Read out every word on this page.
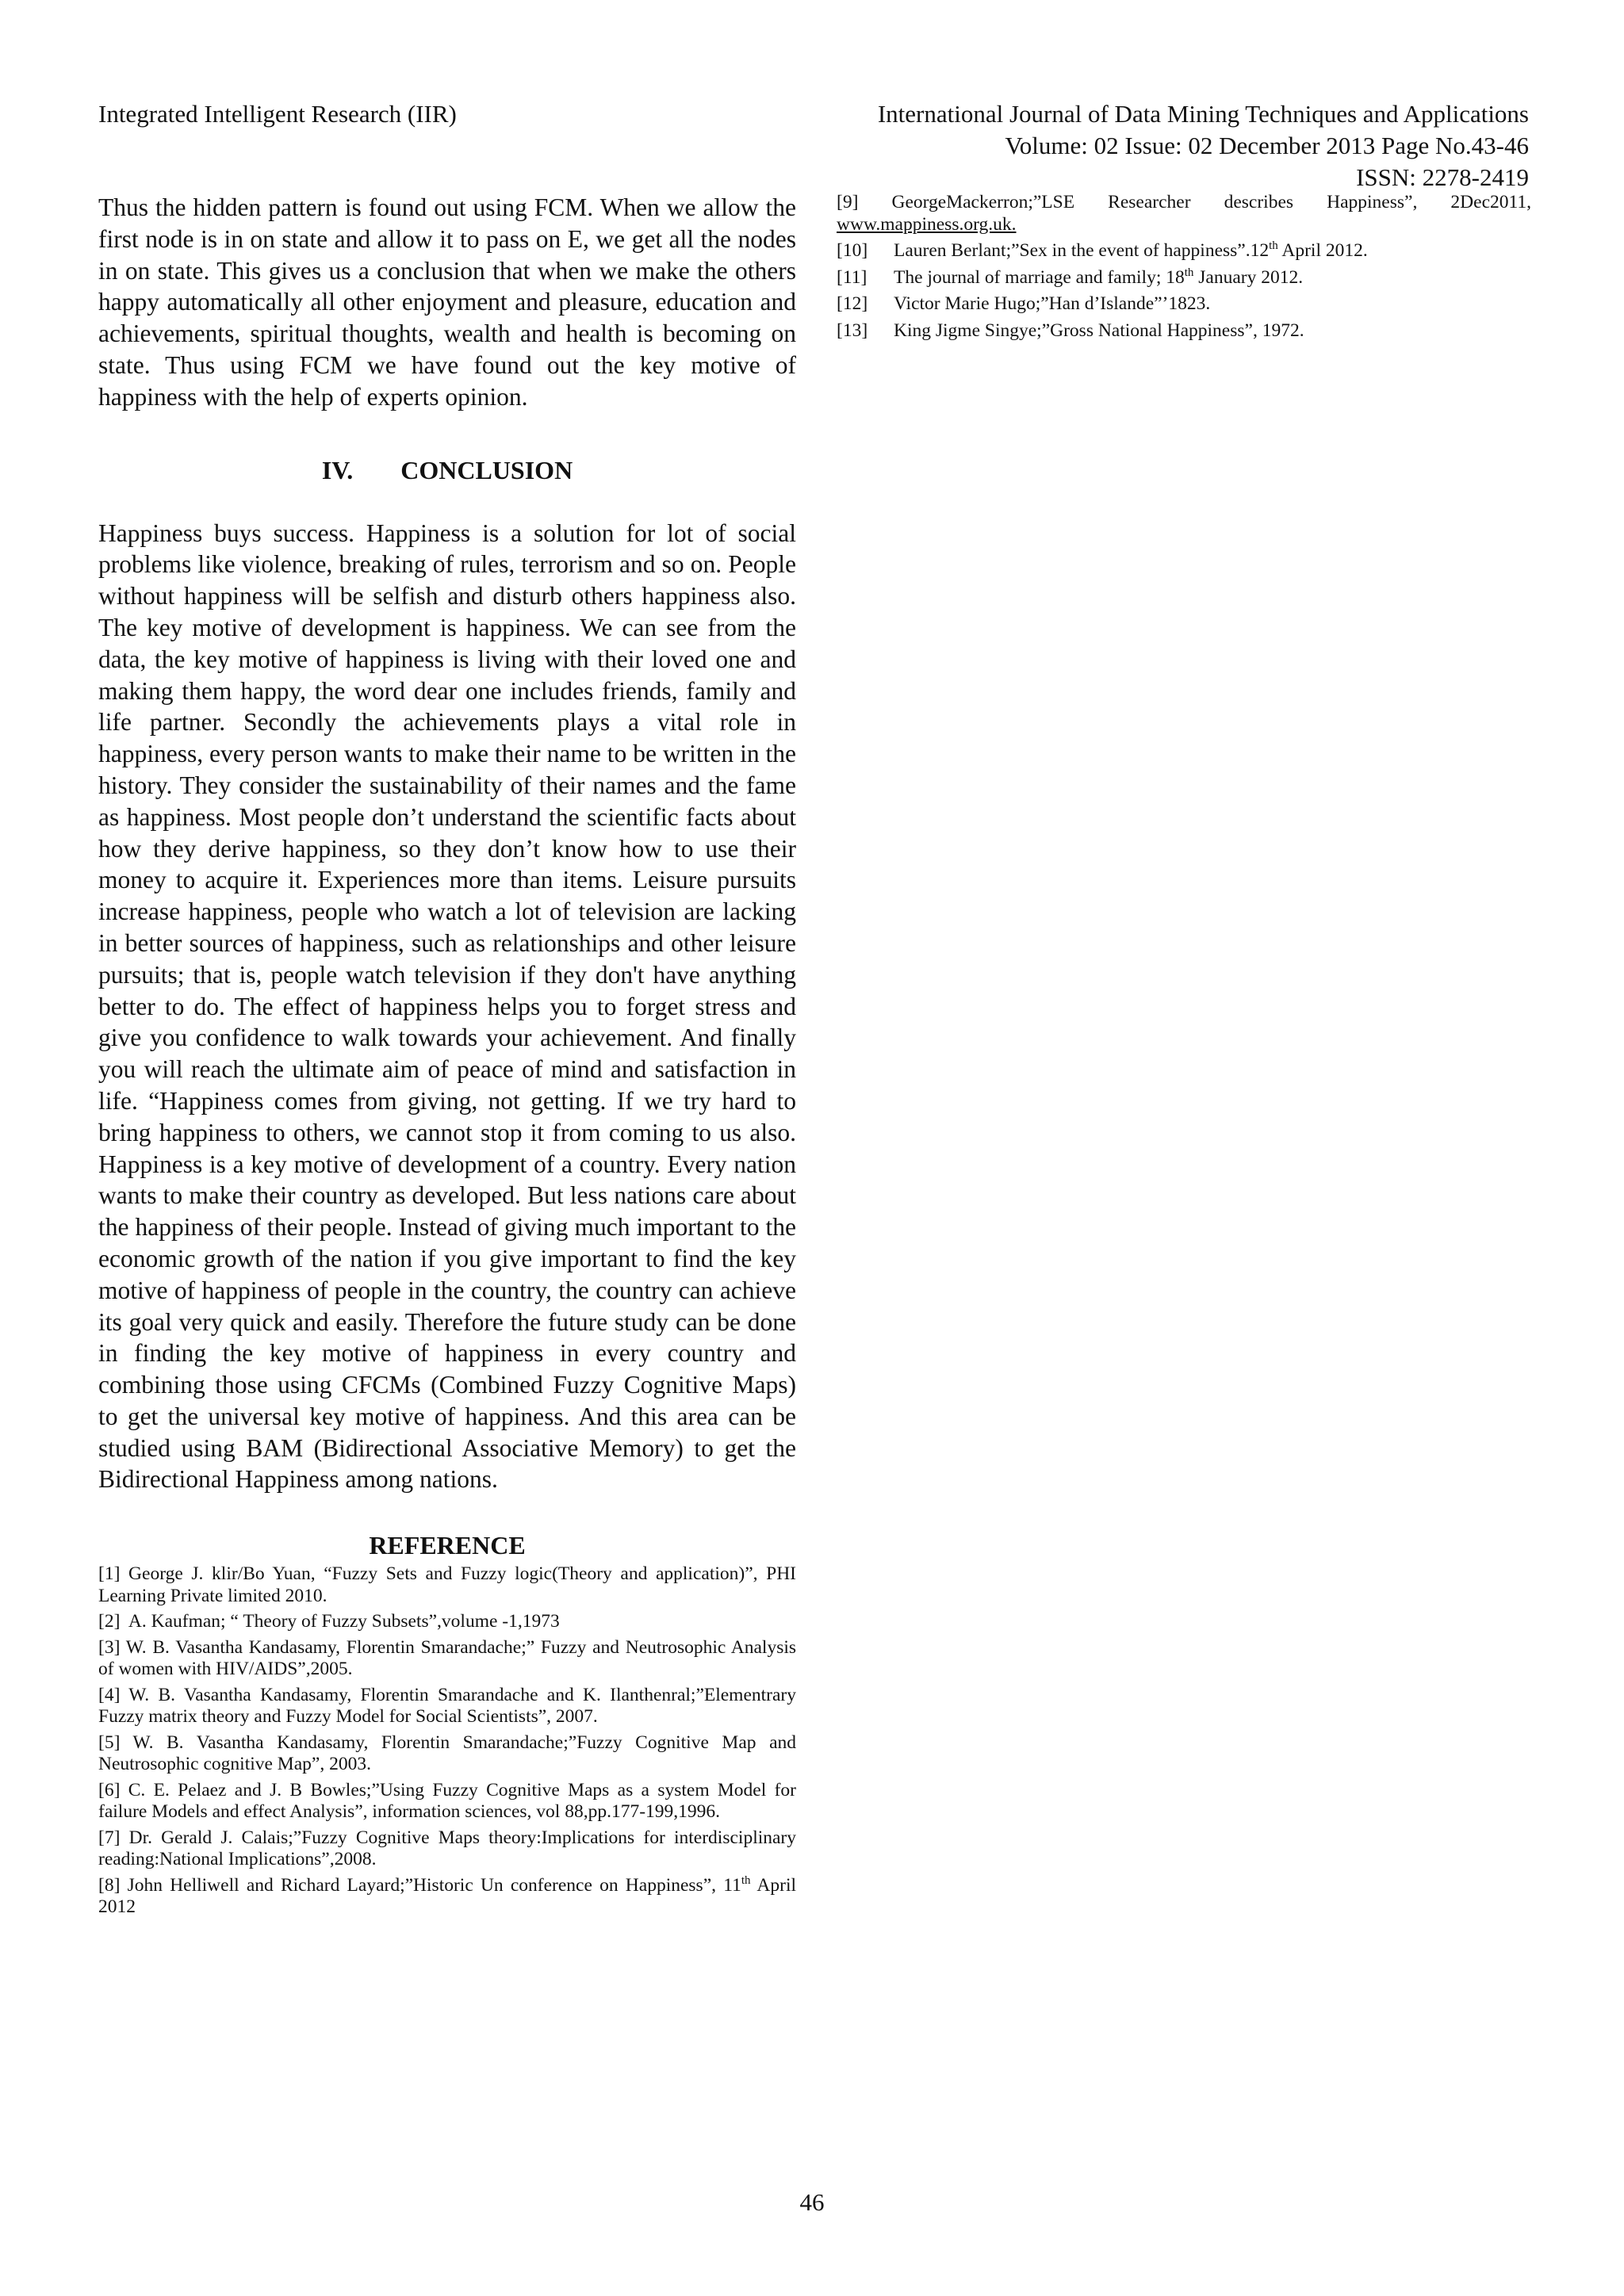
Integrated Intelligent Research (IIR)	International Journal of Data Mining Techniques and Applications
Volume: 02 Issue: 02 December 2013 Page No.43-46
ISSN: 2278-2419

Thus the hidden pattern is found out using FCM. When we allow the first node is in on state and allow it to pass on E, we get all the nodes in on state. This gives us a conclusion that when we make the others happy automatically all other enjoyment and pleasure, education and achievements, spiritual thoughts, wealth and health is becoming on state. Thus using FCM we have found out the key motive of happiness with the help of experts opinion.

IV. CONCLUSION

Happiness buys success. Happiness is a solution for lot of social problems like violence, breaking of rules, terrorism and so on. People without happiness will be selfish and disturb others happiness also. The key motive of development is happiness. We can see from the data, the key motive of happiness is living with their loved one and making them happy, the word dear one includes friends, family and life partner. Secondly the achievements plays a vital role in happiness, every person wants to make their name to be written in the history. They consider the sustainability of their names and the fame as happiness. Most people don’t understand the scientific facts about how they derive happiness, so they don’t know how to use their money to acquire it. Experiences more than items. Leisure pursuits increase happiness, people who watch a lot of television are lacking in better sources of happiness, such as relationships and other leisure pursuits; that is, people watch television if they don't have anything better to do. The effect of happiness helps you to forget stress and give you confidence to walk towards your achievement. And finally you will reach the ultimate aim of peace of mind and satisfaction in life. “Happiness comes from giving, not getting. If we try hard to bring happiness to others, we cannot stop it from coming to us also. Happiness is a key motive of development of a country. Every nation wants to make their country as developed. But less nations care about the happiness of their people. Instead of giving much important to the economic growth of the nation if you give important to find the key motive of happiness of people in the country, the country can achieve its goal very quick and easily. Therefore the future study can be done in finding the key motive of happiness in every country and combining those using CFCMs (Combined Fuzzy Cognitive Maps) to get the universal key motive of happiness. And this area can be studied using BAM (Bidirectional Associative Memory) to get the Bidirectional Happiness among nations.

REFERENCE

[1] George J. klir/Bo Yuan, “Fuzzy Sets and Fuzzy logic(Theory and application)”, PHI Learning Private limited 2010.

[2] A. Kaufman; “ Theory of Fuzzy Subsets”,volume -1,1973

[3] W. B. Vasantha Kandasamy, Florentin Smarandache;” Fuzzy and Neutrosophic Analysis of women with HIV/AIDS”,2005.

[4] W. B. Vasantha Kandasamy, Florentin Smarandache and K. Ilanthenral;”Elementrary Fuzzy matrix theory and Fuzzy Model for Social Scientists”, 2007.

[5] W. B. Vasantha Kandasamy, Florentin Smarandache;”Fuzzy Cognitive Map and Neutrosophic cognitive Map”, 2003.

[6] C. E. Pelaez and J. B Bowles;”Using Fuzzy Cognitive Maps as a system Model for failure Models and effect Analysis”, information sciences, vol 88,pp.177-199,1996.

[7] Dr. Gerald J. Calais;”Fuzzy Cognitive Maps theory:Implications for interdisciplinary reading:National Implications”,2008.

[8] John Helliwell and Richard Layard;”Historic Un conference on Happiness”, 11th April 2012

[9] GeorgeMackerron;”LSE Researcher describes Happiness”, 2Dec2011, www.mappiness.org.uk.

[10] Lauren Berlant;”Sex in the event of happiness”.12th April 2012.

[11] The journal of marriage and family; 18th January 2012.

[12] Victor Marie Hugo;”Han d’Islande”’1823.

[13] King Jigme Singye;”Gross National Happiness”, 1972.

46
